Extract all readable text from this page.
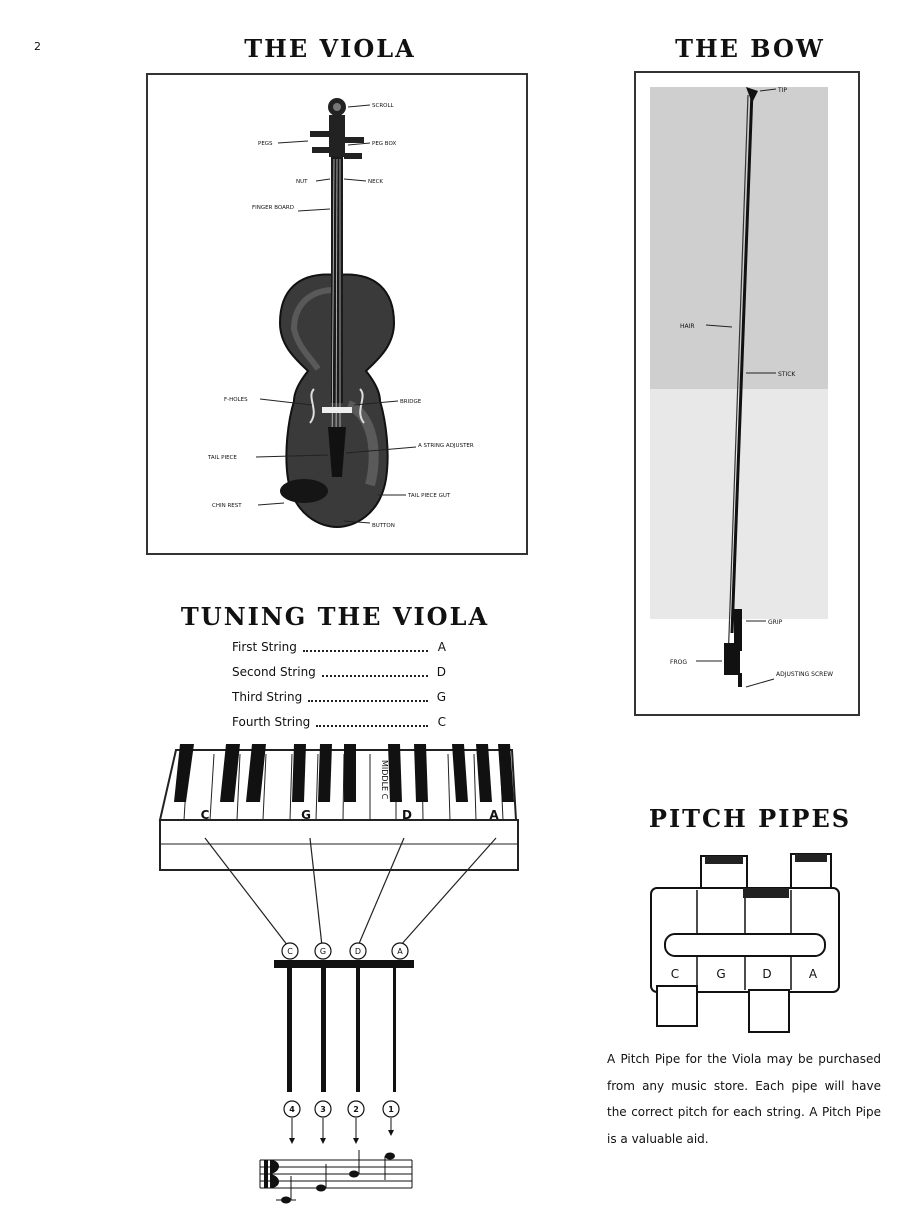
2	THE VIOLA	THE BOW
SCROLL
PEGS	PEG BOX
NUT	NECK
FINGER BOARD
F-HOLES	BRIDGE
TAIL PIECE
A STRING ADJUSTER
CHIN REST
TAIL PIECE GUT
BUTTON
TIP
HAIR
STICK
GRIP
FROG
ADJUSTING SCREW
TUNING THE VIOLA
First String	A
Second String	D
Third String	G
Fourth String	C
MIDDLE C
C	G	D	A
C	G	D	A
4	3	2	1
PITCH PIPES
C	G	D	A
A Pitch Pipe for the Viola may be purchased from any music store. Each pipe will have the correct pitch for each string. A Pitch Pipe is a valuable aid.
